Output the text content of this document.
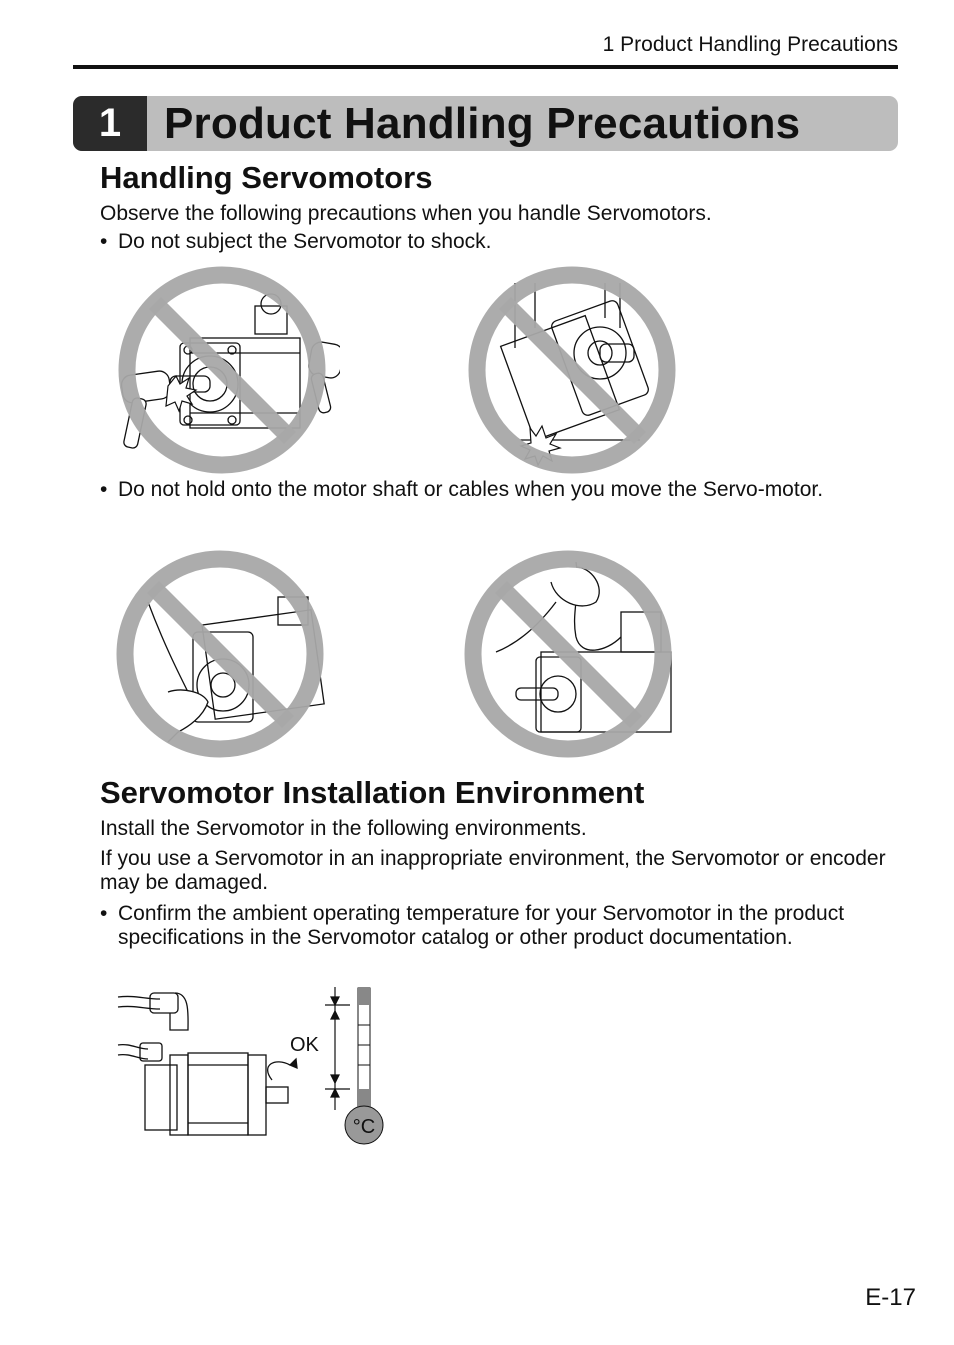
1 Product Handling Precautions
1 Product Handling Precautions
Handling Servomotors

Observe the following precautions when you handle Servomotors.

• Do not subject the Servomotor to shock.
• Do not hold onto the motor shaft or cables when you move the Servo-motor.
Servomotor Installation Environment

Install the Servomotor in the following environments.

If you use a Servomotor in an inappropriate environment, the Servomotor or encoder may be damaged.

• Confirm the ambient operating temperature for your Servomotor in the product specifications in the Servomotor catalog or other product documentation.
OK
°C
E-17
